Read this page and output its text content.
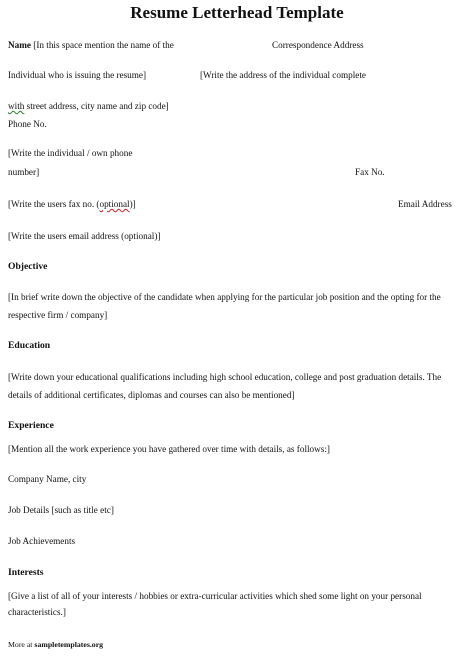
Resume Letterhead Template
Name [In this space mention the name of the	Correspondence Address
Individual who is issuing the resume]	[Write the address of the individual complete
with street address, city name and zip code]
Phone No.
[Write the individual / own phone
number]	Fax No.
[Write the users fax no. (optional)]	Email Address
[Write the users email address (optional)]
Objective
[In brief write down the objective of the candidate when applying for the particular job position and the opting for the
respective firm / company]
Education
[Write down your educational qualifications including high school education, college and post graduation details. The
details of additional certificates, diplomas and courses can also be mentioned]
Experience
[Mention all the work experience you have gathered over time with details, as follows:]
Company Name, city
Job Details [such as title etc]
Job Achievements
Interests
[Give a list of all of your interests / hobbies or extra-curricular activities which shed some light on your personal
characteristics.]
More at sampletemplates.org
